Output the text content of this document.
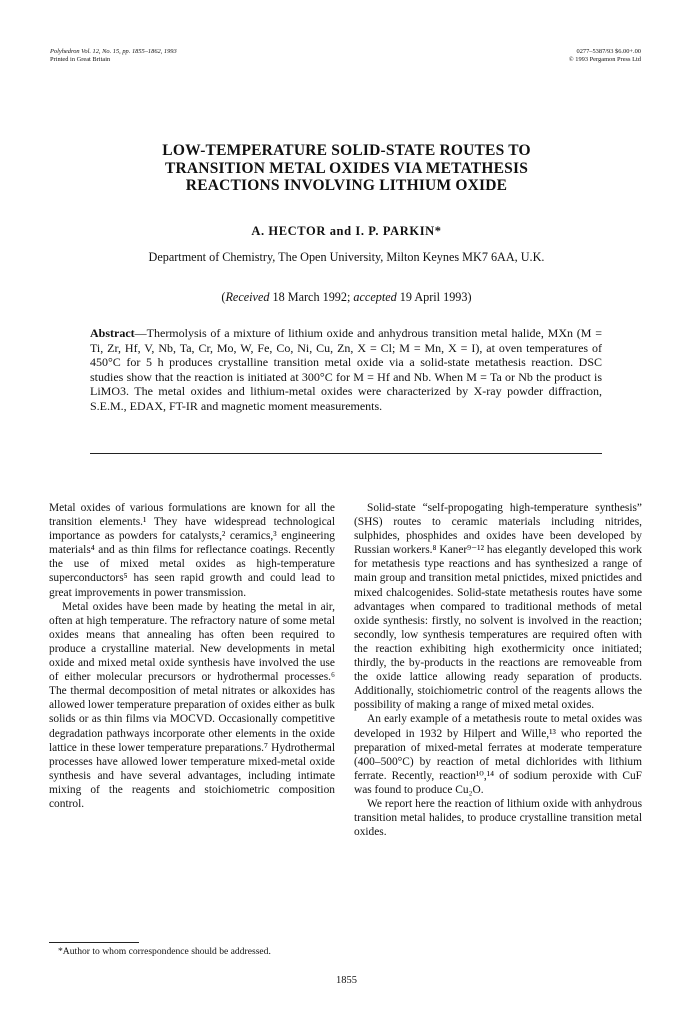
Polyhedron Vol. 12, No. 15, pp. 1855–1862, 1993
Printed in Great Britain
0277–5387/93 $6.00+.00
© 1993 Pergamon Press Ltd
LOW-TEMPERATURE SOLID-STATE ROUTES TO
TRANSITION METAL OXIDES VIA METATHESIS
REACTIONS INVOLVING LITHIUM OXIDE
A. HECTOR and I. P. PARKIN*
Department of Chemistry, The Open University, Milton Keynes MK7 6AA, U.K.
(Received 18 March 1992; accepted 19 April 1993)
Abstract—Thermolysis of a mixture of lithium oxide and anhydrous transition metal halide, MXn (M = Ti, Zr, Hf, V, Nb, Ta, Cr, Mo, W, Fe, Co, Ni, Cu, Zn, X = Cl; M = Mn, X = I), at oven temperatures of 450°C for 5 h produces crystalline transition metal oxide via a solid-state metathesis reaction. DSC studies show that the reaction is initiated at 300°C for M = Hf and Nb. When M = Ta or Nb the product is LiMO3. The metal oxides and lithium-metal oxides were characterized by X-ray powder diffraction, S.E.M., EDAX, FT-IR and magnetic moment measurements.

Metal oxides of various formulations are known for all the transition elements.¹ They have widespread technological importance as powders for catalysts,² ceramics,³ engineering materials⁴ and as thin films for reflectance coatings. Recently the use of mixed metal oxides as high-temperature superconductors⁵ has seen rapid growth and could lead to great improvements in power transmission.

Metal oxides have been made by heating the metal in air, often at high temperature. The refractory nature of some metal oxides means that annealing has often been required to produce a crystalline material. New developments in metal oxide and mixed metal oxide synthesis have involved the use of either molecular precursors or hydrothermal processes.⁶ The thermal decomposition of metal nitrates or alkoxides has allowed lower temperature preparation of oxides either as bulk solids or as thin films via MOCVD. Occasionally competitive degradation pathways incorporate other elements in the oxide lattice in these lower temperature preparations.⁷ Hydrothermal processes have allowed lower temperature mixed-metal oxide synthesis and have several advantages, including intimate mixing of the reagents and stoichiometric composition control.

Solid-state “self-propogating high-temperature synthesis” (SHS) routes to ceramic materials including nitrides, sulphides, phosphides and oxides have been developed by Russian workers.⁸ Kaner⁹⁻¹² has elegantly developed this work for metathesis type reactions and has synthesized a range of main group and transition metal pnictides, mixed pnictides and mixed chalcogenides. Solid-state metathesis routes have some advantages when compared to traditional methods of metal oxide synthesis: firstly, no solvent is involved in the reaction; secondly, low synthesis temperatures are required often with the reaction exhibiting high exothermicity once initiated; thirdly, the by-products in the reactions are removeable from the oxide lattice allowing ready separation of products. Additionally, stoichiometric control of the reagents allows the possibility of making a range of mixed metal oxides.

An early example of a metathesis route to metal oxides was developed in 1932 by Hilpert and Wille,¹³ who reported the preparation of mixed-metal ferrates at moderate temperature (400–500°C) by reaction of metal dichlorides with lithium ferrate. Recently, reaction¹⁰,¹⁴ of sodium peroxide with CuF was found to produce Cu₂O.

We report here the reaction of lithium oxide with anhydrous transition metal halides, to produce crystalline transition metal oxides.

*Author to whom correspondence should be addressed.
1855
